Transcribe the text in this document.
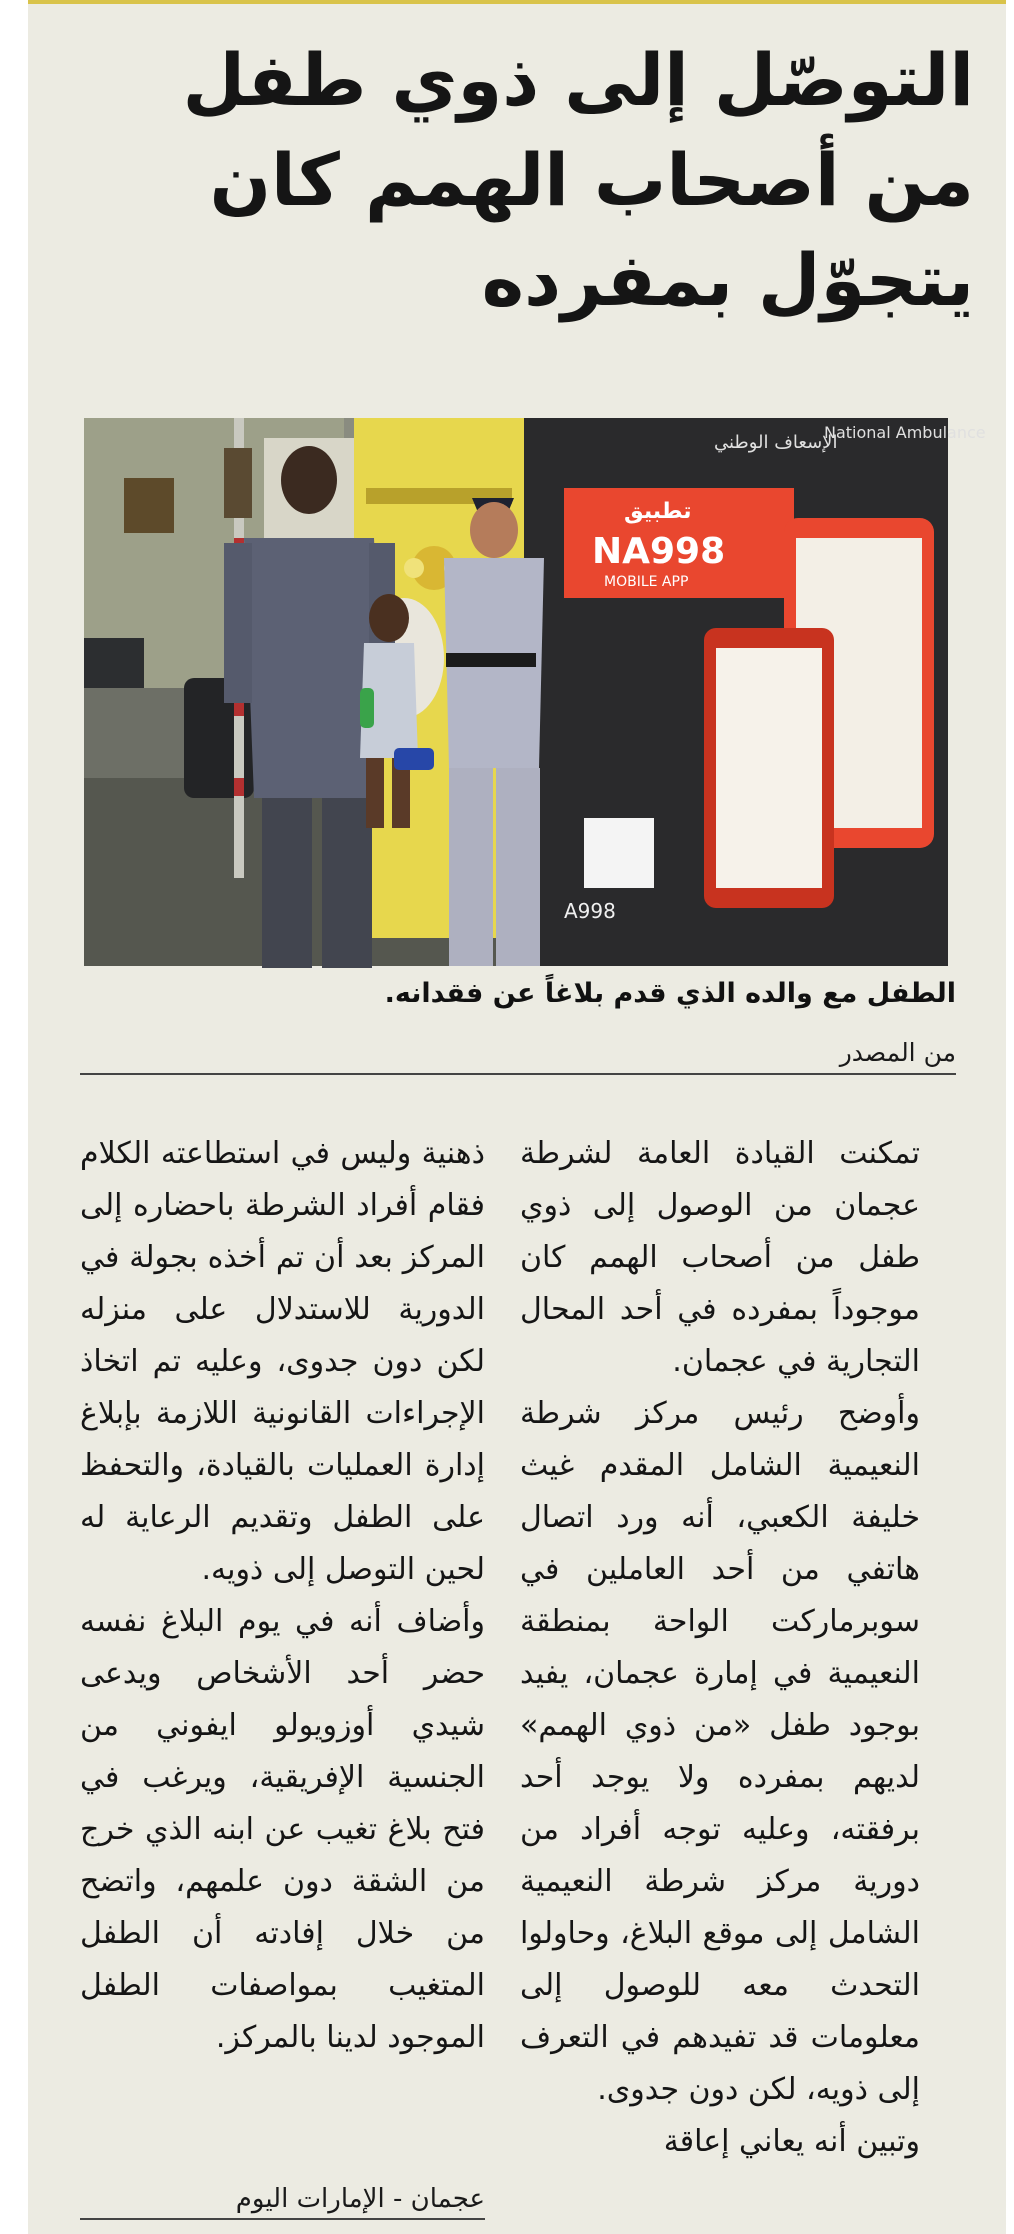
التوصّل إلى ذوي طفل
من أصحاب الهمم كان
يتجوّل بمفرده
الإسعاف الوطني
National Ambulance
تطبيق
NA998
MOBILE APP
A998
الطفل مع والده الذي قدم بلاغاً عن فقدانه.
من المصدر

تمكنت القيادة العامة لشرطة عجمان من الوصول إلى ذوي طفل من أصحاب الهمم كان موجوداً بمفرده في أحد المحال التجارية في عجمان.

وأوضح رئيس مركز شرطة النعيمية الشامل المقدم غيث خليفة الكعبي، أنه ورد اتصال هاتفي من أحد العاملين في سوبرماركت الواحة بمنطقة النعيمية في إمارة عجمان، يفيد بوجود طفل «من ذوي الهمم» لديهم بمفرده ولا يوجد أحد برفقته، وعليه توجه أفراد من دورية مركز شرطة النعيمية الشامل إلى موقع البلاغ، وحاولوا التحدث معه للوصول إلى معلومات قد تفيدهم في التعرف إلى ذويه، لكن دون جدوى.

وتبين أنه يعاني إعاقة

ذهنية وليس في استطاعته الكلام فقام أفراد الشرطة باحضاره إلى المركز بعد أن تم أخذه بجولة في الدورية للاستدلال على منزله لكن دون جدوى، وعليه تم اتخاذ الإجراءات القانونية اللازمة بإبلاغ إدارة العمليات بالقيادة، والتحفظ على الطفل وتقديم الرعاية له لحين التوصل إلى ذويه.

وأضاف أنه في يوم البلاغ نفسه حضر أحد الأشخاص ويدعى شيدي أوزويولو ايفوني من الجنسية الإفريقية، ويرغب في فتح بلاغ تغيب عن ابنه الذي خرج من الشقة دون علمهم، واتضح من خلال إفادته أن الطفل المتغيب بمواصفات الطفل الموجود لدينا بالمركز.

عجمان - الإمارات اليوم
